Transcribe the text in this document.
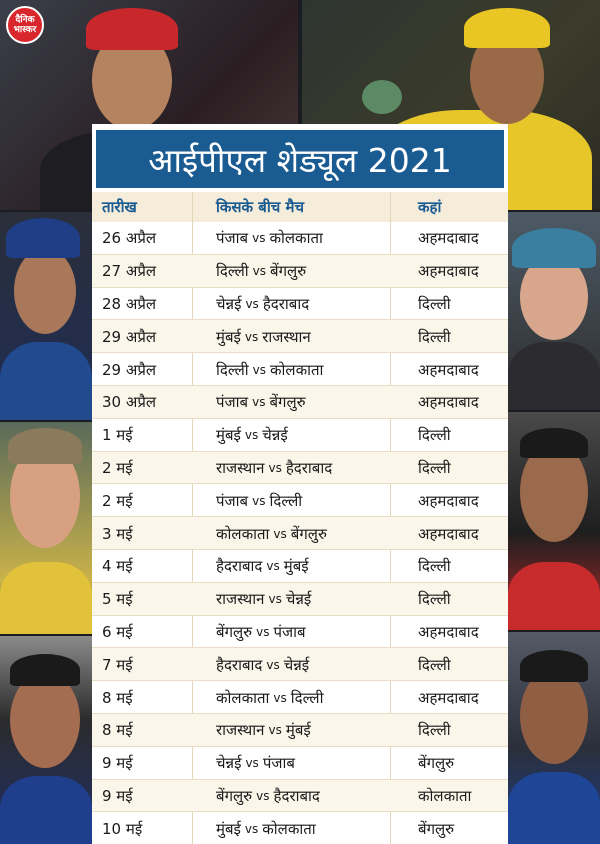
दैनिक
भास्कर
आईपीएल शेड्यूल 2021
तारीख	किसके बीच मैच	कहां
26 अप्रैल	पंजाब vs कोलकाता	अहमदाबाद
27 अप्रैल	दिल्ली vs बेंगलुरु	अहमदाबाद
28 अप्रैल	चेन्नई vs हैदराबाद	दिल्ली
29 अप्रैल	मुंबई vs राजस्थान	दिल्ली
29 अप्रैल	दिल्ली vs कोलकाता	अहमदाबाद
30 अप्रैल	पंजाब vs बेंगलुरु	अहमदाबाद
1 मई	मुंबई vs चेन्नई	दिल्ली
2 मई	राजस्थान vs हैदराबाद	दिल्ली
2 मई	पंजाब vs दिल्ली	अहमदाबाद
3 मई	कोलकाता vs बेंगलुरु	अहमदाबाद
4 मई	हैदराबाद vs मुंबई	दिल्ली
5 मई	राजस्थान vs चेन्नई	दिल्ली
6 मई	बेंगलुरु vs पंजाब	अहमदाबाद
7 मई	हैदराबाद vs चेन्नई	दिल्ली
8 मई	कोलकाता vs दिल्ली	अहमदाबाद
8 मई	राजस्थान vs मुंबई	दिल्ली
9 मई	चेन्नई vs पंजाब	बेंगलुरु
9 मई	बेंगलुरु vs हैदराबाद	कोलकाता
10 मई	मुंबई vs कोलकाता	बेंगलुरु
